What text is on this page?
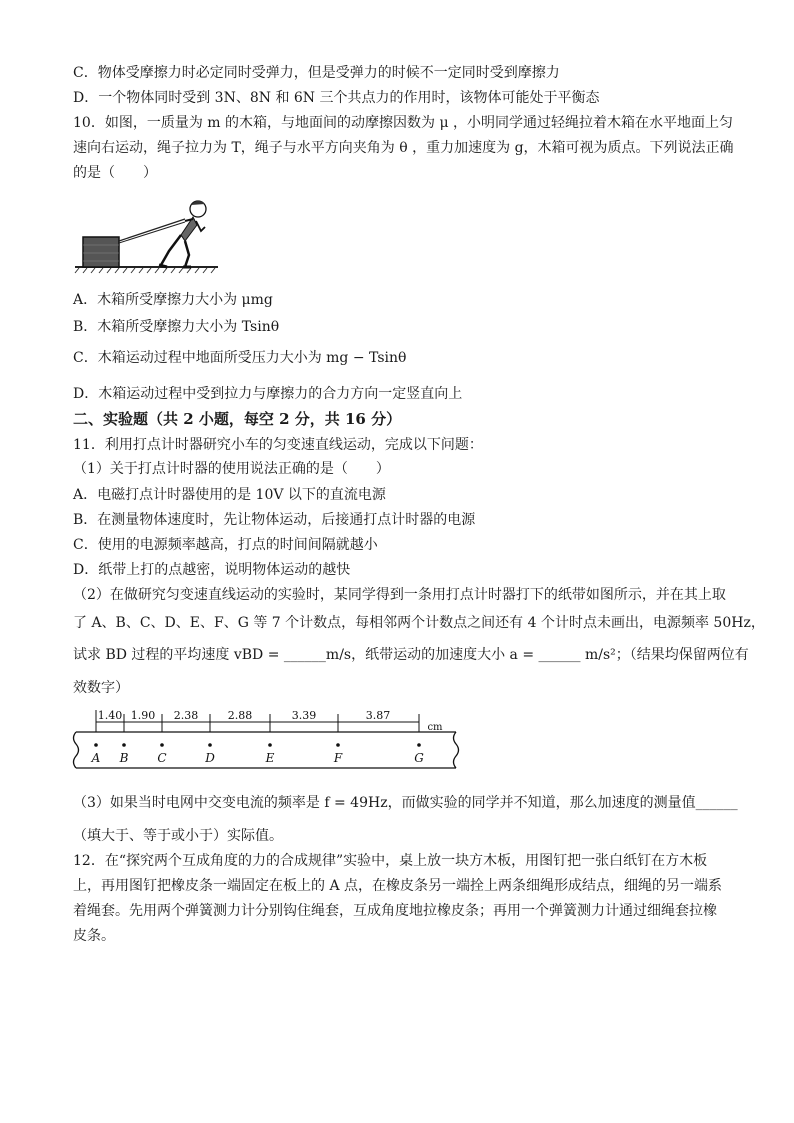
C．物体受摩擦力时必定同时受弹力，但是受弹力的时候不一定同时受到摩擦力
D．一个物体同时受到 3N、8N 和 6N 三个共点力的作用时，该物体可能处于平衡态
10．如图，一质量为 m 的木箱，与地面间的动摩擦因数为 μ ，小明同学通过轻绳拉着木箱在水平地面上匀
速向右运动，绳子拉力为 T，绳子与水平方向夹角为 θ ，重力加速度为 g，木箱可视为质点。下列说法正确
的是（　　）
A．木箱所受摩擦力大小为 μmg
B．木箱所受摩擦力大小为 Tsinθ
C．木箱运动过程中地面所受压力大小为 mg − Tsinθ
D．木箱运动过程中受到拉力与摩擦力的合力方向一定竖直向上
二、实验题（共 2 小题，每空 2 分，共 16 分）
11．利用打点计时器研究小车的匀变速直线运动，完成以下问题：
（1）关于打点计时器的使用说法正确的是（　　）
A．电磁打点计时器使用的是 10V 以下的直流电源
B．在测量物体速度时，先让物体运动，后接通打点计时器的电源
C．使用的电源频率越高，打点的时间间隔就越小
D．纸带上打的点越密，说明物体运动的越快
（2）在做研究匀变速直线运动的实验时，某同学得到一条用打点计时器打下的纸带如图所示，并在其上取
了 A、B、C、D、E、F、G 等 7 个计数点，每相邻两个计数点之间还有 4 个计时点未画出，电源频率 50Hz，
试求 BD 过程的平均速度 vBD = ______m/s，纸带运动的加速度大小 a = ______ m/s²；（结果均保留两位有
效数字）
1.40 1.90 2.38	2.88	3.39	3.87
cm
A B C	D	E	F	G
（3）如果当时电网中交变电流的频率是 f = 49Hz，而做实验的同学并不知道，那么加速度的测量值______
（填大于、等于或小于）实际值。
12．在“探究两个互成角度的力的合成规律”实验中，桌上放一块方木板，用图钉把一张白纸钉在方木板
上，再用图钉把橡皮条一端固定在板上的 A 点，在橡皮条另一端拴上两条细绳形成结点，细绳的另一端系
着绳套。先用两个弹簧测力计分别钩住绳套，互成角度地拉橡皮条；再用一个弹簧测力计通过细绳套拉橡
皮条。
